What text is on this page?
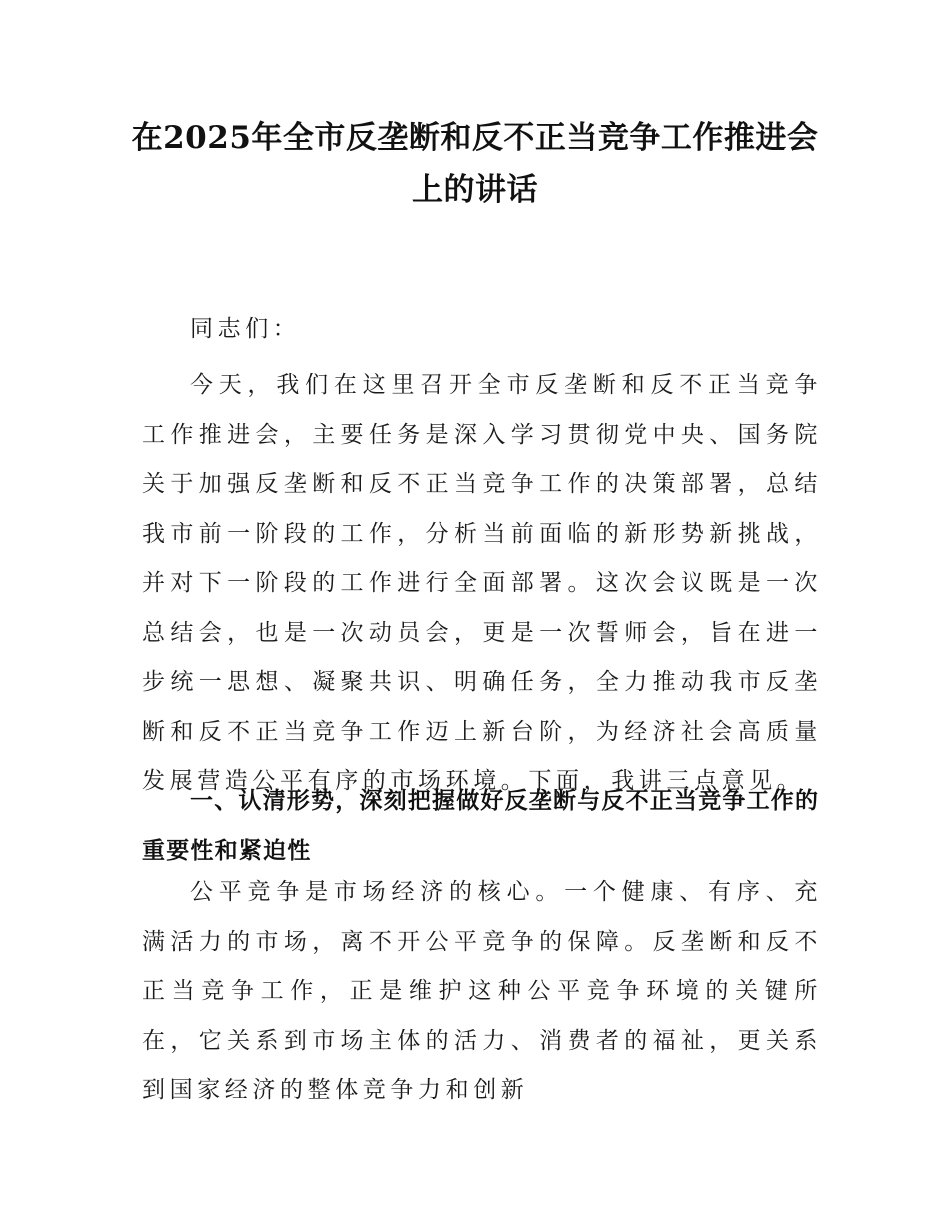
在2025年全市反垄断和反不正当竞争工作推进会上的讲话
同志们：
今天，我们在这里召开全市反垄断和反不正当竞争工作推进会，主要任务是深入学习贯彻党中央、国务院关于加强反垄断和反不正当竞争工作的决策部署，总结我市前一阶段的工作，分析当前面临的新形势新挑战，并对下一阶段的工作进行全面部署。这次会议既是一次总结会，也是一次动员会，更是一次誓师会，旨在进一步统一思想、凝聚共识、明确任务，全力推动我市反垄断和反不正当竞争工作迈上新台阶，为经济社会高质量发展营造公平有序的市场环境。下面，我讲三点意见。
一、认清形势，深刻把握做好反垄断与反不正当竞争工作的重要性和紧迫性
公平竞争是市场经济的核心。一个健康、有序、充满活力的市场，离不开公平竞争的保障。反垄断和反不正当竞争工作，正是维护这种公平竞争环境的关键所在，它关系到市场主体的活力、消费者的福祉，更关系到国家经济的整体竞争力和创新
